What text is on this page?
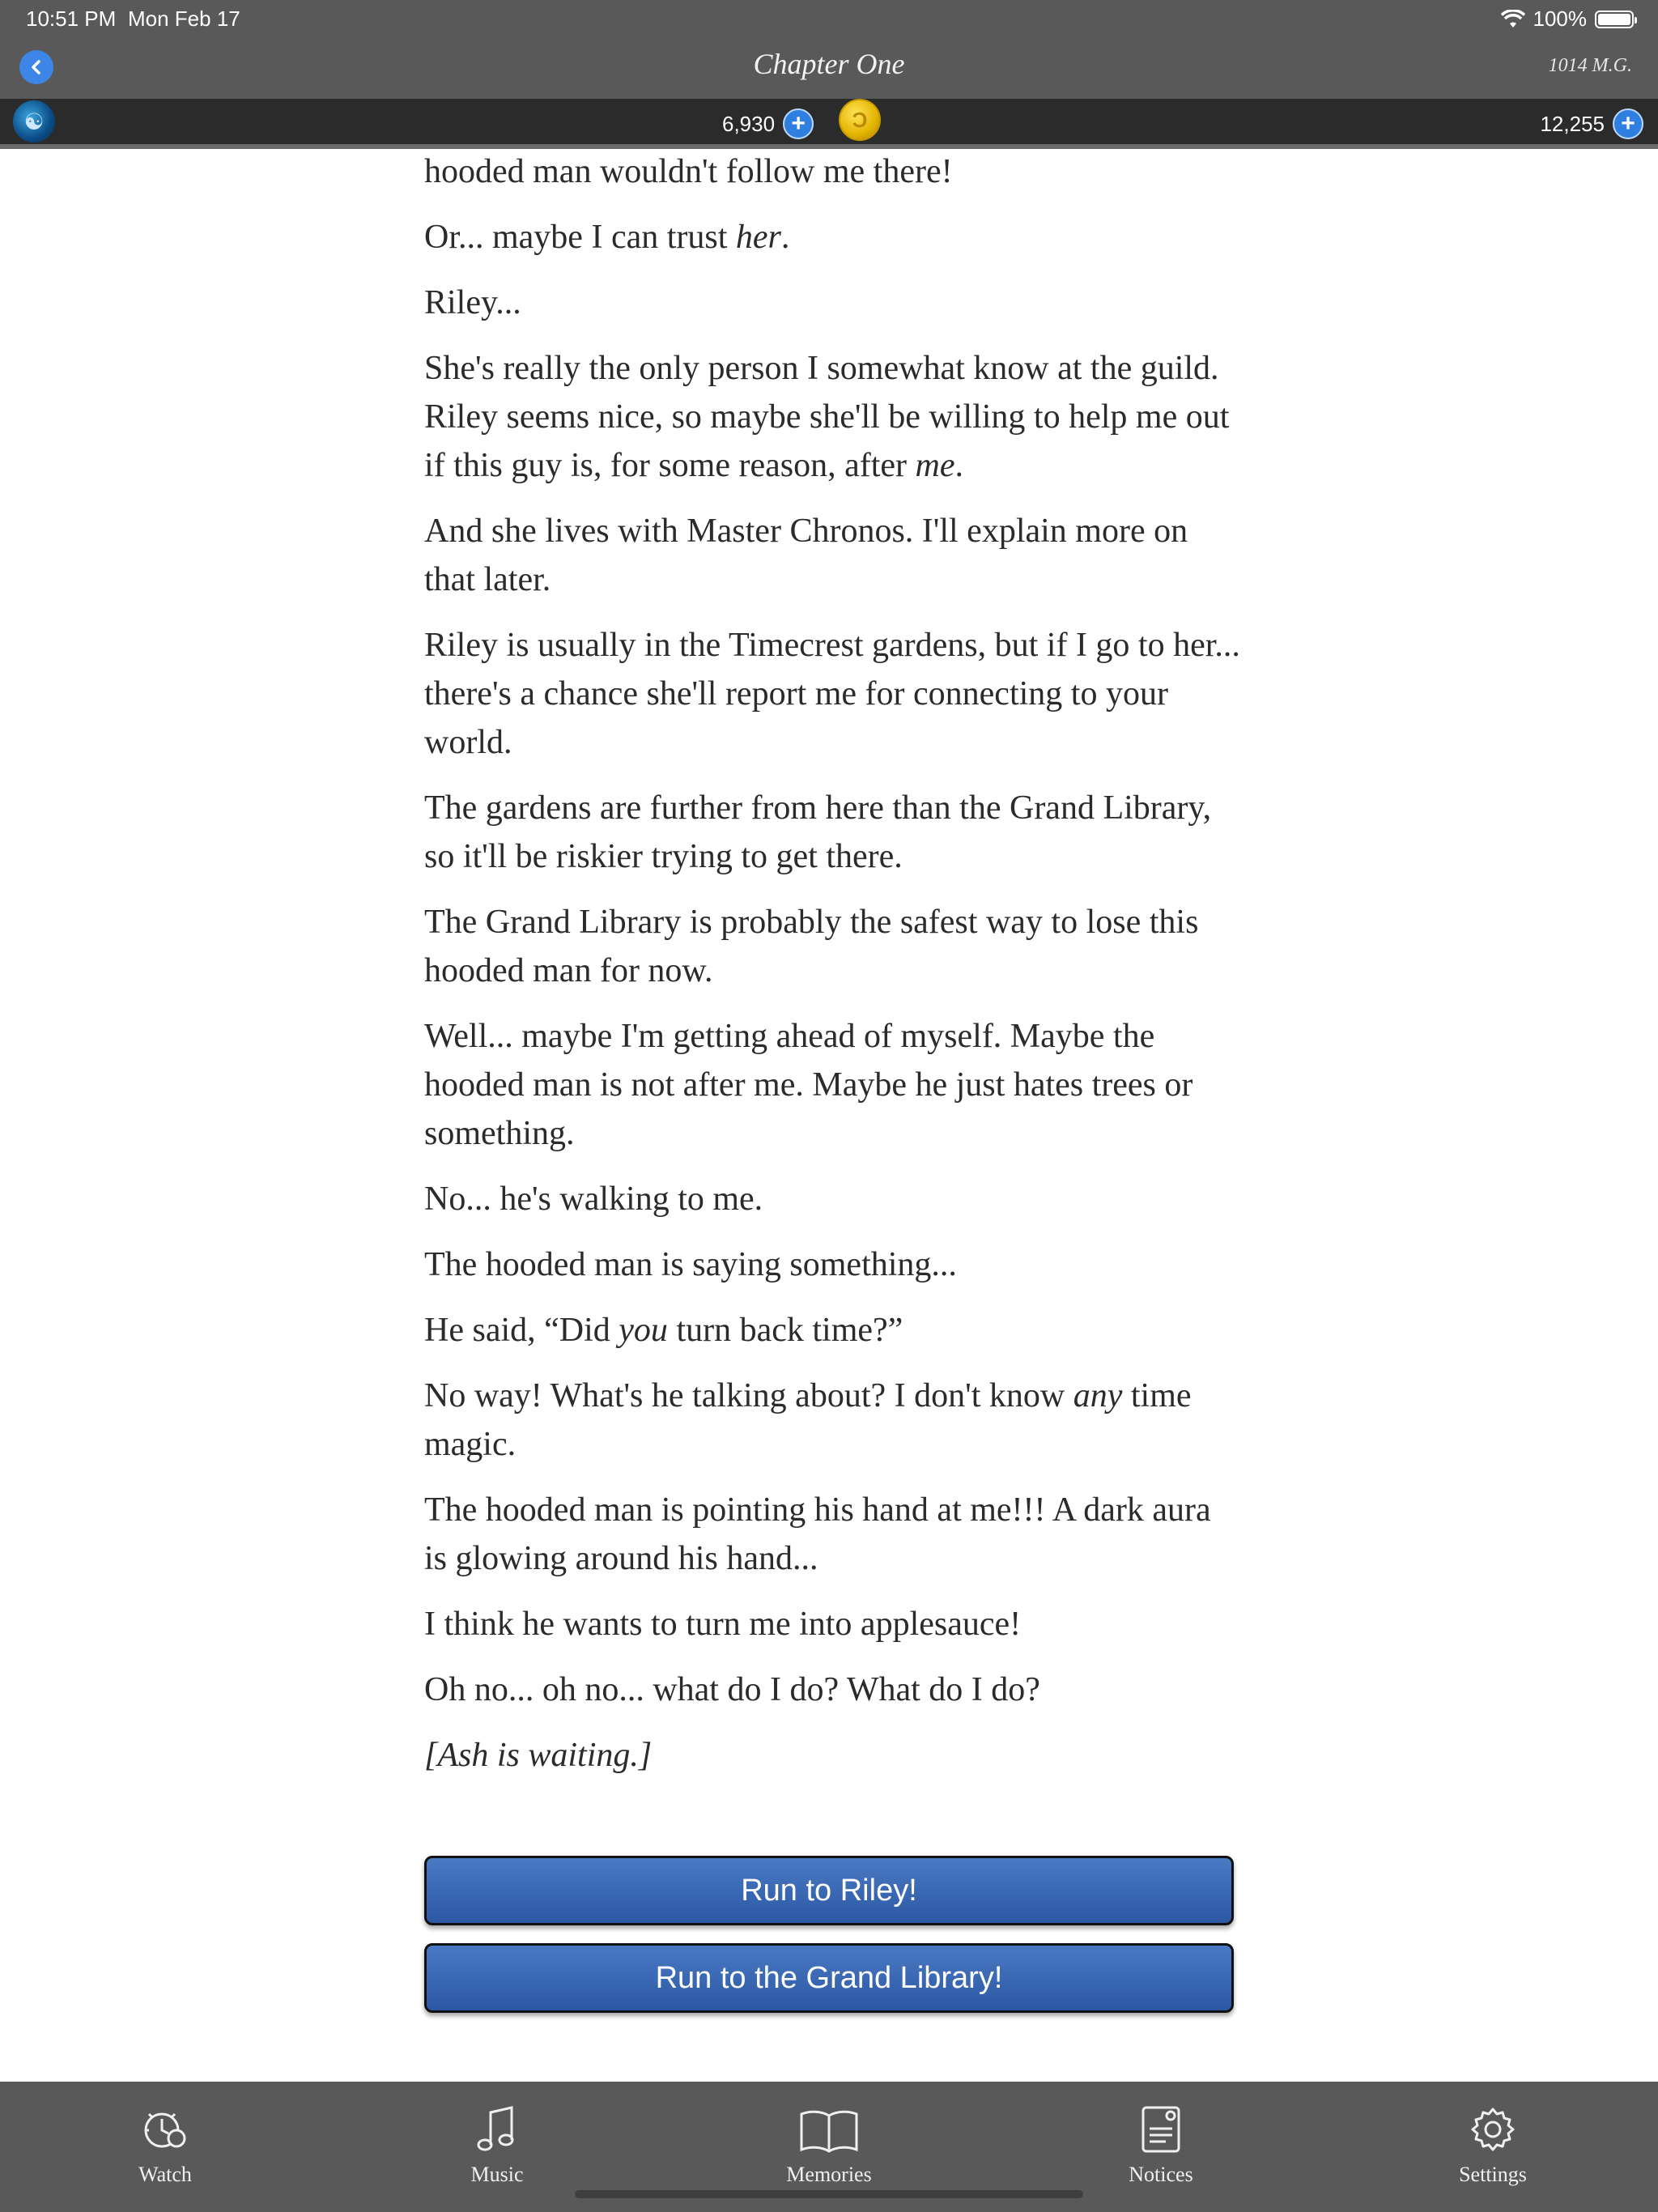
10:51 PM Mon Feb 17	100%
Chapter One	1014 M.G.
☯	6,930 +	Ͻ	12,255 +

hooded man wouldn't follow me there!

Or... maybe I can trust her.

Riley...

She's really the only person I somewhat know at the guild. Riley seems nice, so maybe she'll be willing to help me out if this guy is, for some reason, after me.

And she lives with Master Chronos. I'll explain more on that later.

Riley is usually in the Timecrest gardens, but if I go to her... there's a chance she'll report me for connecting to your world.

The gardens are further from here than the Grand Library, so it'll be riskier trying to get there.

The Grand Library is probably the safest way to lose this hooded man for now.

Well... maybe I'm getting ahead of myself. Maybe the hooded man is not after me. Maybe he just hates trees or something.

No... he's walking to me.

The hooded man is saying something...

He said, “Did you turn back time?”

No way! What's he talking about? I don't know any time magic.

The hooded man is pointing his hand at me!!! A dark aura is glowing around his hand...

I think he wants to turn me into applesauce!

Oh no... oh no... what do I do? What do I do?

[Ash is waiting.]

Run to Riley!
Run to the Grand Library!
Watch	Music	Memories	Notices	Settings
